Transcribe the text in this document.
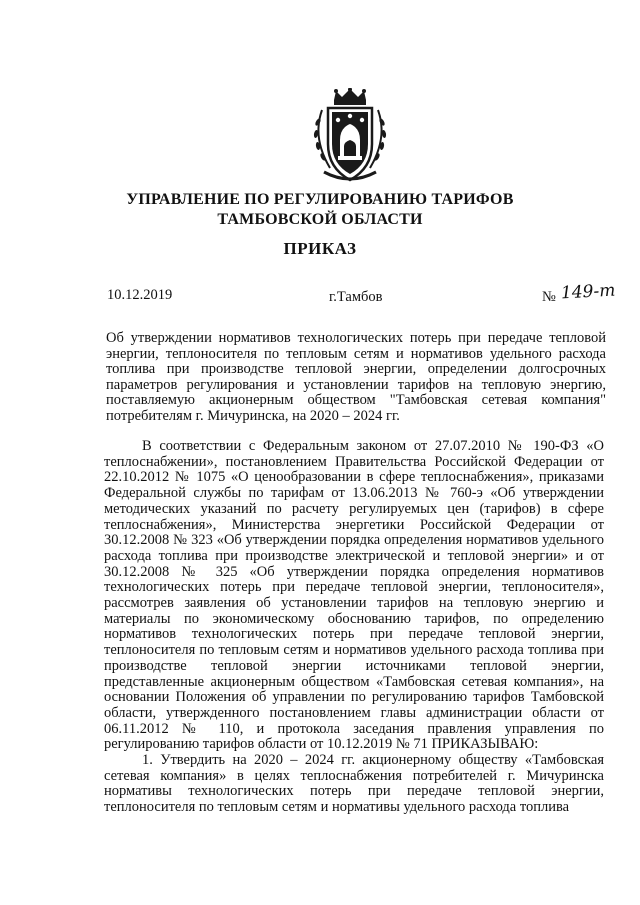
УПРАВЛЕНИЕ ПО РЕГУЛИРОВАНИЮ ТАРИФОВ
ТАМБОВСКОЙ ОБЛАСТИ
ПРИКАЗ
10.12.2019	г.Тамбов	№ 149-т
Об утверждении нормативов технологических потерь при передаче тепловой энергии, теплоносителя по тепловым сетям и нормативов удельного расхода топлива при производстве тепловой энергии, определении долгосрочных параметров регулирования и установлении тарифов на тепловую энергию, поставляемую акционерным обществом "Тамбовская сетевая компания" потребителям г. Мичуринска, на 2020 – 2024 гг.

В соответствии с Федеральным законом от 27.07.2010 № 190-ФЗ «О теплоснабжении», постановлением Правительства Российской Федерации от 22.10.2012 № 1075 «О ценообразовании в сфере теплоснабжения», приказами Федеральной службы по тарифам от 13.06.2013 № 760-э «Об утверждении методических указаний по расчету регулируемых цен (тарифов) в сфере теплоснабжения», Министерства энергетики Российской Федерации от 30.12.2008 № 323 «Об утверждении порядка определения нормативов удельного расхода топлива при производстве электрической и тепловой энергии» и от 30.12.2008 № 325 «Об утверждении порядка определения нормативов технологических потерь при передаче тепловой энергии, теплоносителя», рассмотрев заявления об установлении тарифов на тепловую энергию и материалы по экономическому обоснованию тарифов, по определению нормативов технологических потерь при передаче тепловой энергии, теплоносителя по тепловым сетям и нормативов удельного расхода топлива при производстве тепловой энергии источниками тепловой энергии, представленные акционерным обществом «Тамбовская сетевая компания», на основании Положения об управлении по регулированию тарифов Тамбовской области, утвержденного постановлением главы администрации области от 06.11.2012 № 110, и протокола заседания правления управления по регулированию тарифов области от 10.12.2019 № 71 ПРИКАЗЫВАЮ:

1. Утвердить на 2020 – 2024 гг. акционерному обществу «Тамбовская сетевая компания» в целях теплоснабжения потребителей г. Мичуринска нормативы технологических потерь при передаче тепловой энергии, теплоносителя по тепловым сетям и нормативы удельного расхода топлива
